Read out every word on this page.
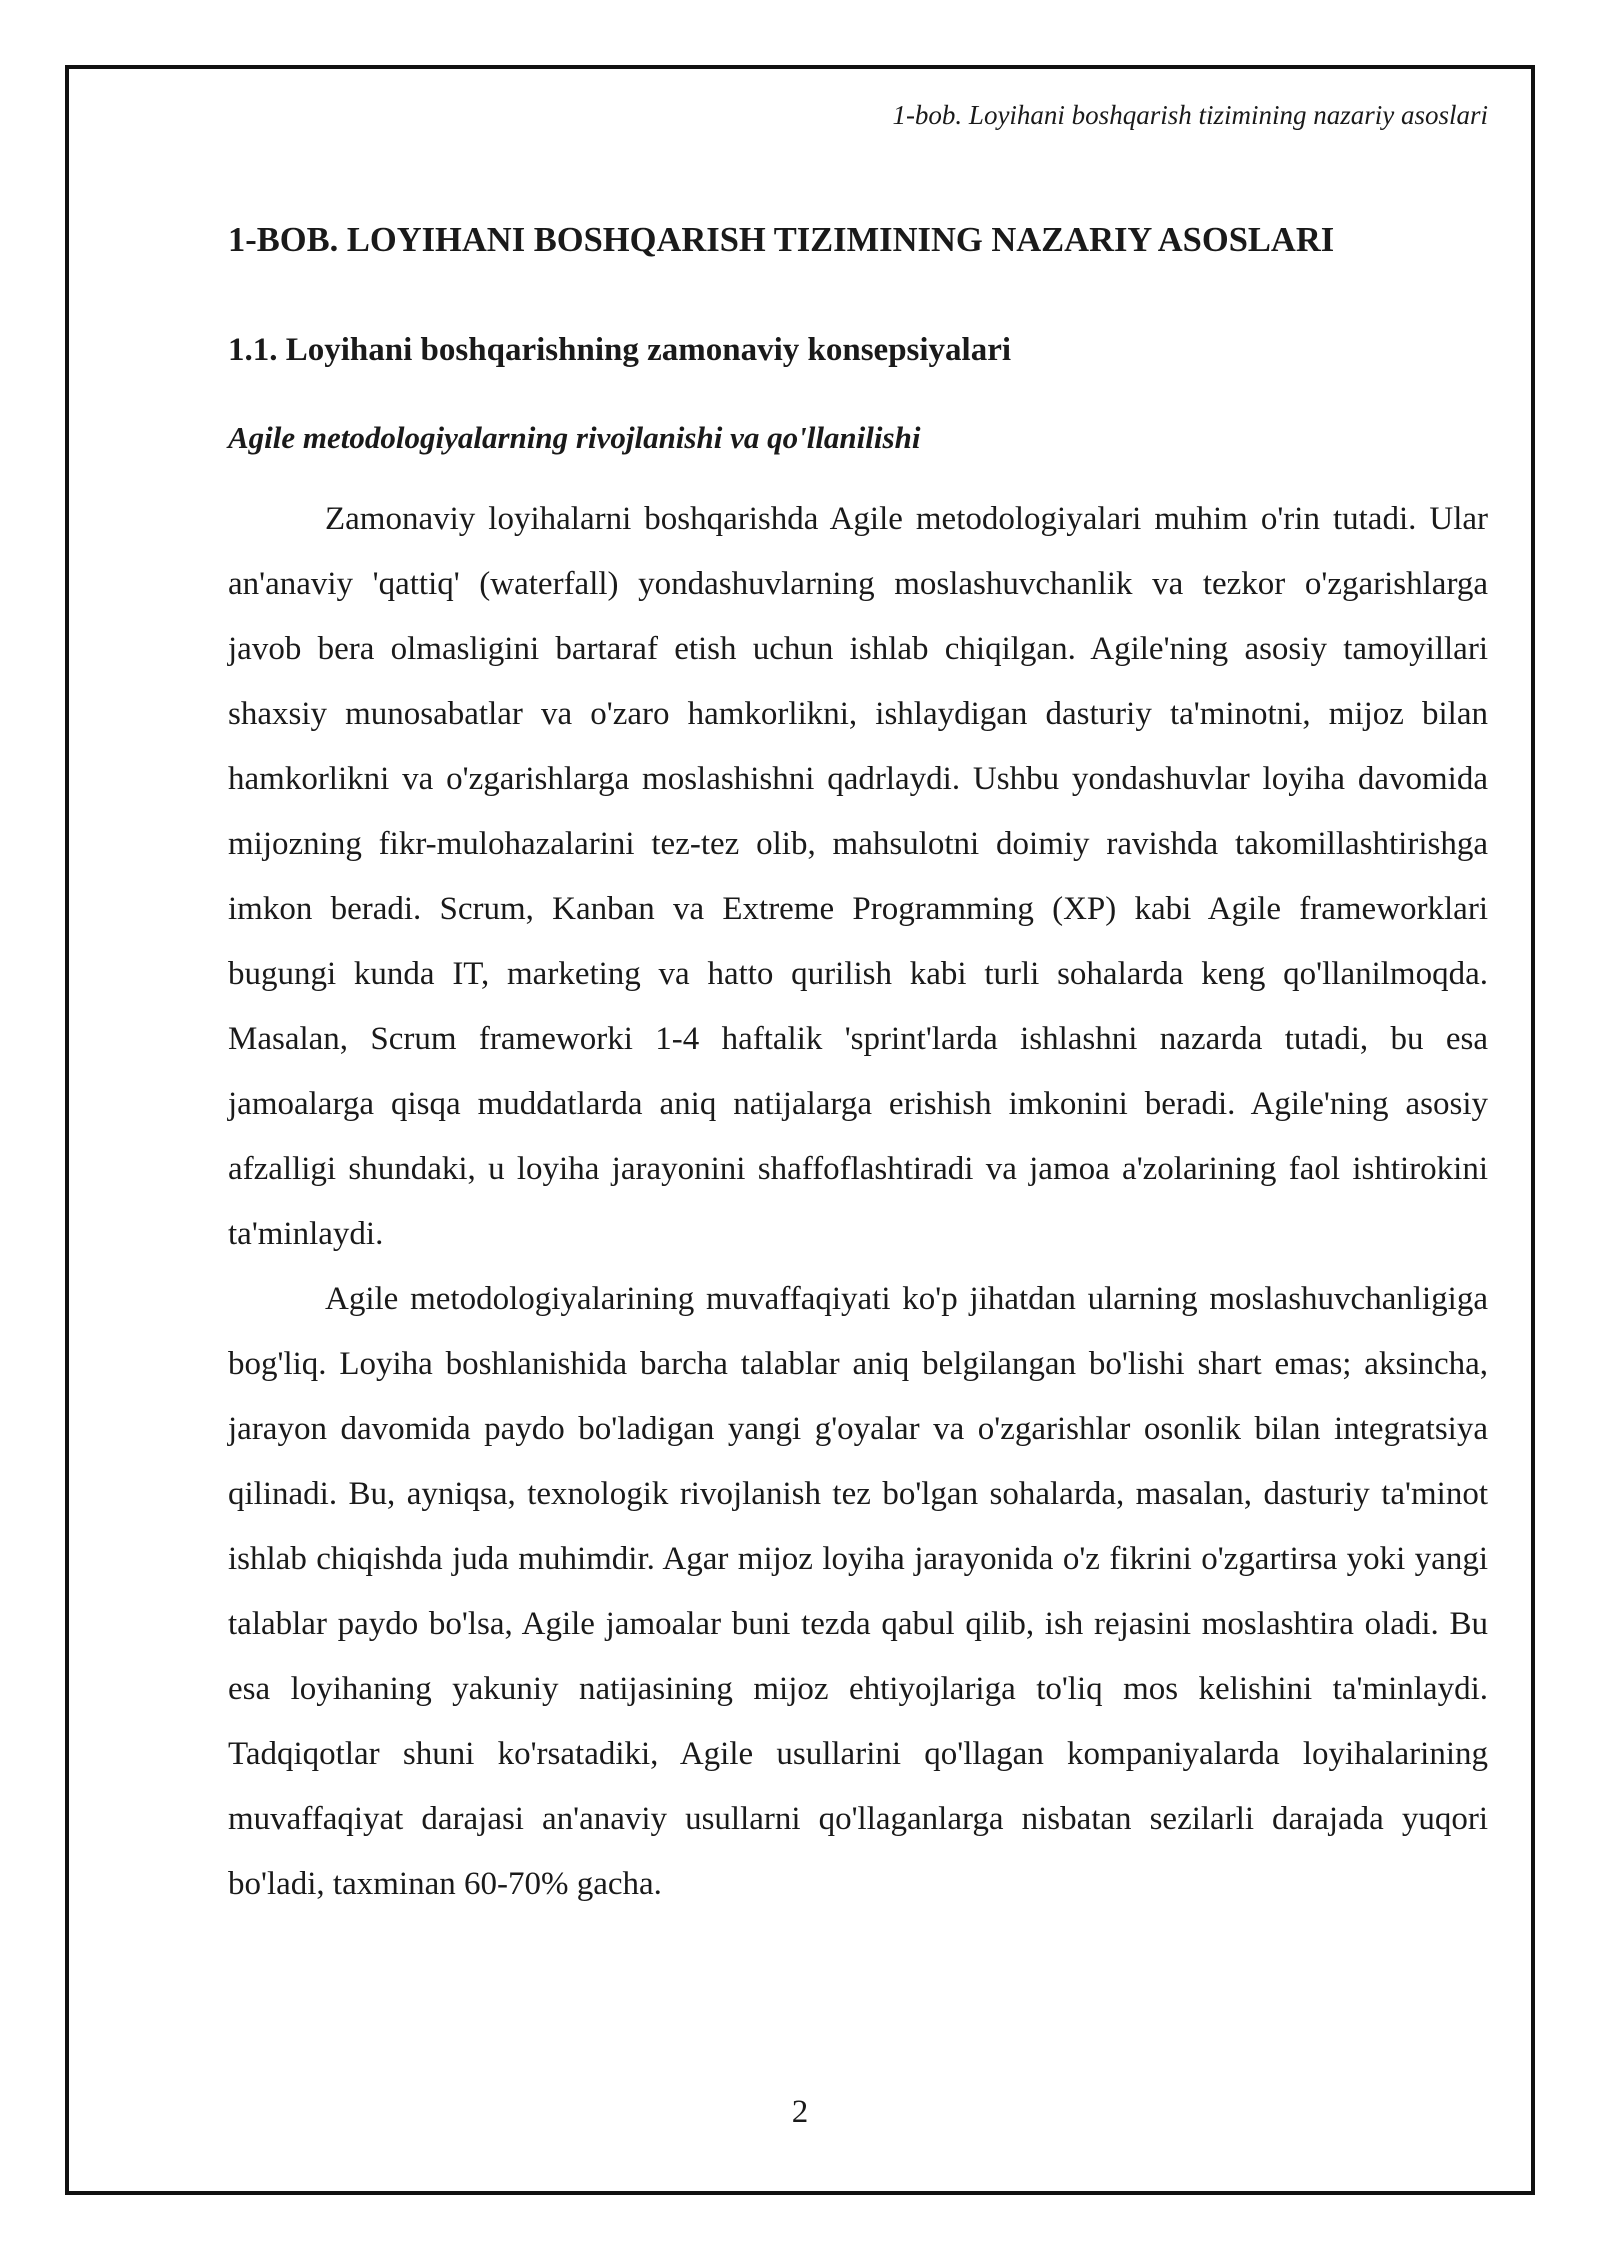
1-bob. Loyihani boshqarish tizimining nazariy asoslari
1-BOB. LOYIHANI BOSHQARISH TIZIMINING NAZARIY ASOSLARI
1.1. Loyihani boshqarishning zamonaviy konsepsiyalari
Agile metodologiyalarning rivojlanishi va qo'llanilishi

Zamonaviy loyihalarni boshqarishda Agile metodologiyalari muhim o'rin tutadi. Ular an'anaviy 'qattiq' (waterfall) yondashuvlarning moslashuvchanlik va tezkor o'zgarishlarga javob bera olmasligini bartaraf etish uchun ishlab chiqilgan. Agile'ning asosiy tamoyillari shaxsiy munosabatlar va o'zaro hamkorlikni, ishlaydigan dasturiy ta'minotni, mijoz bilan hamkorlikni va o'zgarishlarga moslashishni qadrlaydi. Ushbu yondashuvlar loyiha davomida mijozning fikr-mulohazalarini tez-tez olib, mahsulotni doimiy ravishda takomillashtirishga imkon beradi. Scrum, Kanban va Extreme Programming (XP) kabi Agile frameworklari bugungi kunda IT, marketing va hatto qurilish kabi turli sohalarda keng qo'llanilmoqda. Masalan, Scrum frameworki 1-4 haftalik 'sprint'larda ishlashni nazarda tutadi, bu esa jamoalarga qisqa muddatlarda aniq natijalarga erishish imkonini beradi. Agile'ning asosiy afzalligi shundaki, u loyiha jarayonini shaffoflashtiradi va jamoa a'zolarining faol ishtirokini ta'minlaydi.

Agile metodologiyalarining muvaffaqiyati ko'p jihatdan ularning moslashuvchanligiga bog'liq. Loyiha boshlanishida barcha talablar aniq belgilangan bo'lishi shart emas; aksincha, jarayon davomida paydo bo'ladigan yangi g'oyalar va o'zgarishlar osonlik bilan integratsiya qilinadi. Bu, ayniqsa, texnologik rivojlanish tez bo'lgan sohalarda, masalan, dasturiy ta'minot ishlab chiqishda juda muhimdir. Agar mijoz loyiha jarayonida o'z fikrini o'zgartirsa yoki yangi talablar paydo bo'lsa, Agile jamoalar buni tezda qabul qilib, ish rejasini moslashtira oladi. Bu esa loyihaning yakuniy natijasining mijoz ehtiyojlariga to'liq mos kelishini ta'minlaydi. Tadqiqotlar shuni ko'rsatadiki, Agile usullarini qo'llagan kompaniyalarda loyihalarining muvaffaqiyat darajasi an'anaviy usullarni qo'llaganlarga nisbatan sezilarli darajada yuqori bo'ladi, taxminan 60-70% gacha.

2
